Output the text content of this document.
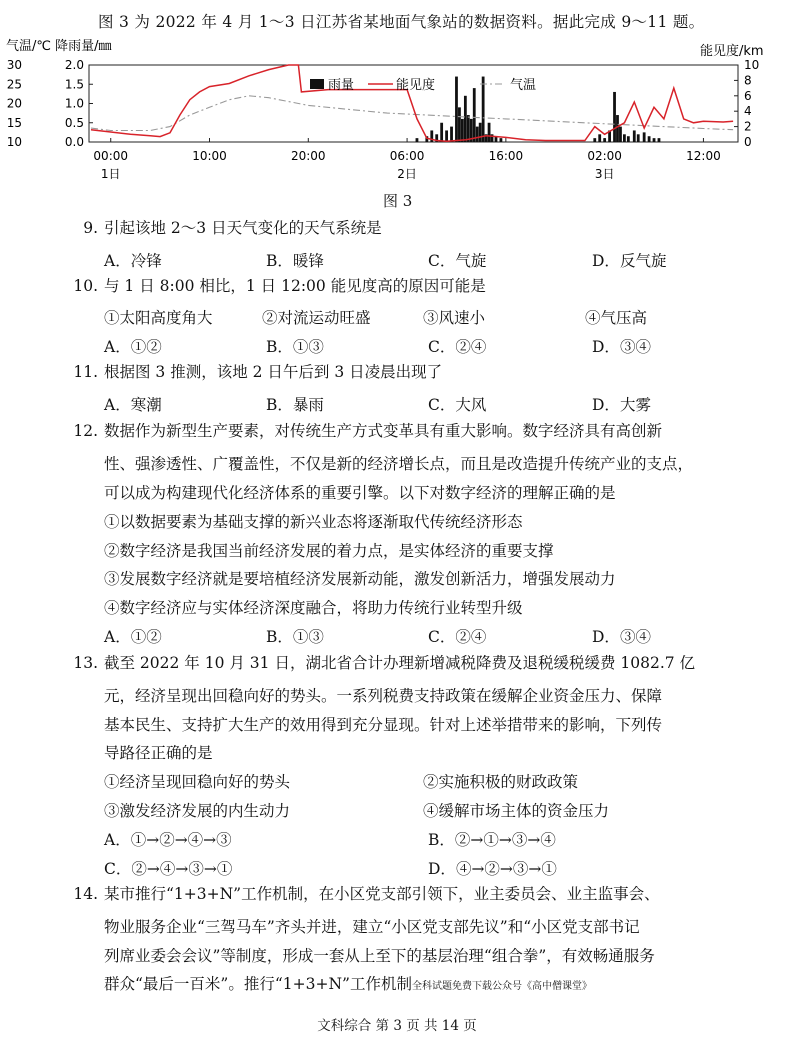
图 3 为 2022 年 4 月 1～3 日江苏省某地面气象站的数据资料。据此完成 9～11 题。
气温/℃ 降雨量/㎜	能见度/km
30
25
20
15
10
2.0
1.5
1.0
0.5
0.0
10
8
6
4
2
0
00:00	10:00	20:00	06:00	16:00	02:00	12:00
1日	2日	3日
雨量	能见度	气温
图 3
9. 引起该地 2～3 日天气变化的天气系统是
A．冷锋	B．暖锋	C．气旋	D．反气旋
10. 与 1 日 8:00 相比，1 日 12:00 能见度高的原因可能是
①太阳高度角大	②对流运动旺盛	③风速小	④气压高
A．①②	B．①③	C．②④	D．③④
11. 根据图 3 推测，该地 2 日午后到 3 日凌晨出现了
A．寒潮	B．暴雨	C．大风	D．大雾
12. 数据作为新型生产要素，对传统生产方式变革具有重大影响。数字经济具有高创新
性、强渗透性、广覆盖性，不仅是新的经济增长点，而且是改造提升传统产业的支点，
可以成为构建现代化经济体系的重要引擎。以下对数字经济的理解正确的是
①以数据要素为基础支撑的新兴业态将逐渐取代传统经济形态
②数字经济是我国当前经济发展的着力点，是实体经济的重要支撑
③发展数字经济就是要培植经济发展新动能，激发创新活力，增强发展动力
④数字经济应与实体经济深度融合，将助力传统行业转型升级
A．①②	B．①③	C．②④	D．③④
13. 截至 2022 年 10 月 31 日，湖北省合计办理新增减税降费及退税缓税缓费 1082.7 亿
元，经济呈现出回稳向好的势头。一系列税费支持政策在缓解企业资金压力、保障
基本民生、支持扩大生产的效用得到充分显现。针对上述举措带来的影响，下列传
导路径正确的是
①经济呈现回稳向好的势头	②实施积极的财政政策
③激发经济发展的内生动力	④缓解市场主体的资金压力
A．①→②→④→③	B．②→①→③→④
C．②→④→③→①	D．④→②→③→①
14. 某市推行“1+3+N”工作机制，在小区党支部引领下，业主委员会、业主监事会、
物业服务企业“三驾马车”齐头并进，建立“小区党支部先议”和“小区党支部书记
列席业委会会议”等制度，形成一套从上至下的基层治理“组合拳”，有效畅通服务
群众“最后一百米”。推行“1+3+N”工作机制全科试题免费下载公众号《高中僧课堂》
文科综合 第 3 页 共 14 页
